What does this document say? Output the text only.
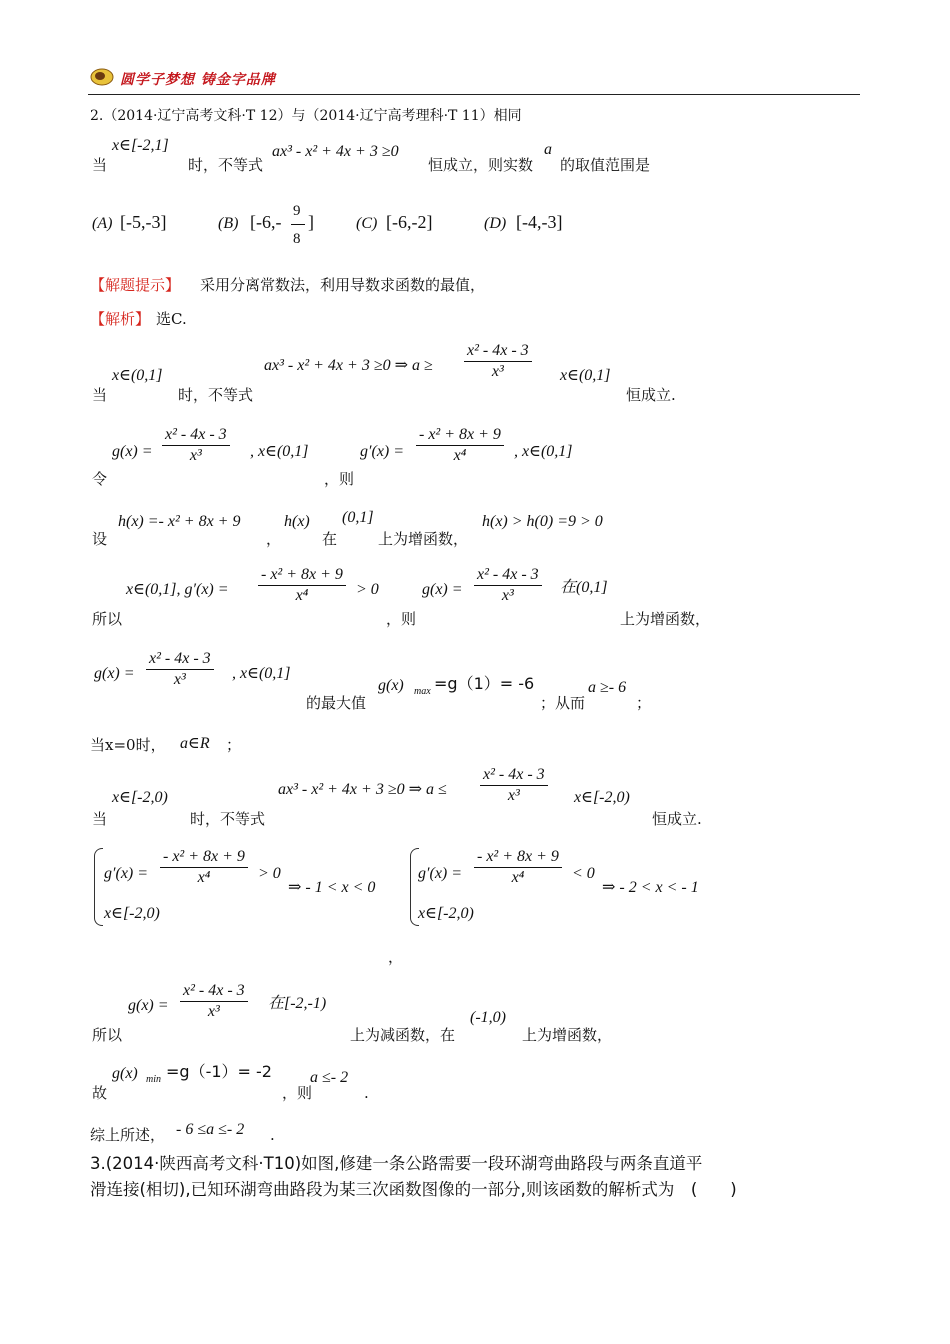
圆学子梦想 铸金字品牌
2.（2014·辽宁高考文科·T 12）与（2014·辽宁高考理科·T 11）相同
当
x∈[-2,1]
时，不等式
ax³ - x² + 4x + 3 ≥0
恒成立，则实数
a
的取值范围是
(A) [-5,-3]	(B) [-6,-
9
8
]	(C) [-6,-2]	(D) [-4,-3]
【解题提示】 采用分离常数法，利用导数求函数的最值，
【解析】 选C.
当
x∈(0,1]
时，不等式
ax³ - x² + 4x + 3 ≥0 ⇒ $a \ge \frac{\text{x² - 4x - 3}}{\text{x³}}$ x∈(0,1]
恒成立.
令
$g(x) = \frac{\text{x² - 4x - 3}}{\text{x³}}$ , x∈(0,1]
，则
$g'(x) = \frac{\text{- x² + 8x + 9}}{\text{x⁴}}$ , x∈(0,1]
设
h(x) =- x² + 8x + 9
，
h(x)
在
(0,1]
上为增函数，
h(x) > h(0) =9 > 0
所以
x∈(0,1], $g'(x) = \frac{\text{- x² + 8x + 9}}{\text{x⁴}} > 0$
，则
$g(x) = \frac{\text{x² - 4x - 3}}{\text{x³}}$ 在(0,1]
上为增函数，
$g(x) = \frac{\text{x² - 4x - 3}}{\text{x³}}$ , x∈(0,1]
的最大值
g(x) max =g（1）= -6
；从而
a ≥- 6
；
当x=0时， a∈R ；
当
x∈[-2,0)
时，不等式
ax³ - x² + 4x + 3 ≥0 ⇒ $a \le \frac{\text{x² - 4x - 3}}{\text{x³}}$ x∈[-2,0)
恒成立.
$g'(x) = \frac{\text{- x² + 8x + 9}}{\text{x⁴}} > 0$
x∈[-2,0)
⇒ - 1 < x < 0
$g'(x) = \frac{\text{- x² + 8x + 9}}{\text{x⁴}} < 0$
x∈[-2,0)
⇒ - 2 < x < - 1
，
所以
$g(x) = \frac{\text{x² - 4x - 3}}{\text{x³}}$ 在[-2,-1)
上为减函数，在
(-1,0)
上为增函数，
故
g(x) min =g（-1）= -2
，则
a ≤- 2
.
综上所述， - 6 ≤a ≤- 2 .
3.(2014·陕西高考文科·T10)如图,修建一条公路需要一段环湖弯曲路段与两条直道平
滑连接(相切),已知环湖弯曲路段为某三次函数图像的一部分,则该函数的解析式为　(　　)
